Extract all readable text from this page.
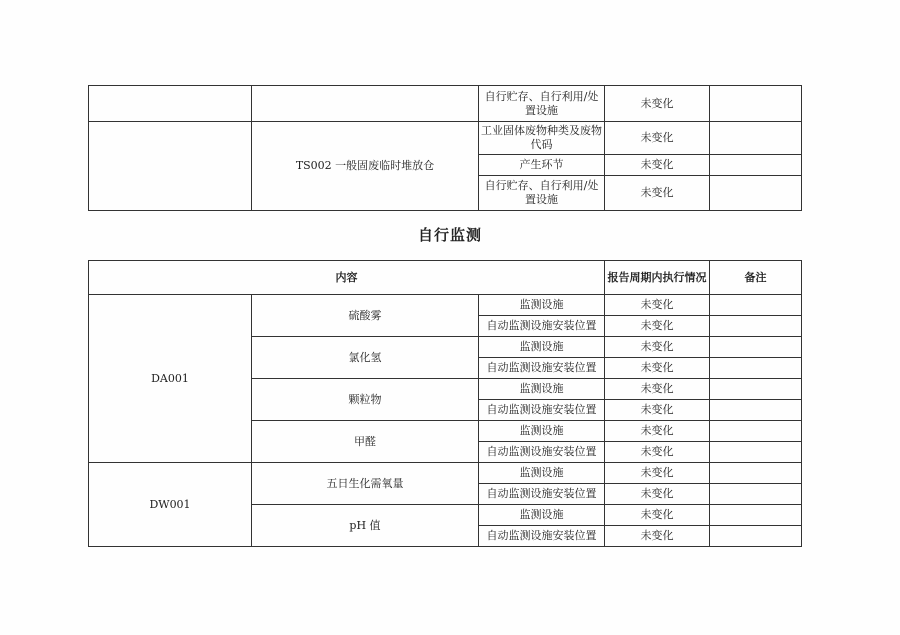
		自行贮存、自行利用/处置设施	未变化	
	TS002 一般固废临时堆放仓	工业固体废物种类及废物代码	未变化	
		产生环节	未变化	
		自行贮存、自行利用/处置设施	未变化	
自行监测
内容			报告周期内执行情况	备注
DA001	硫酸雾	监测设施	未变化	
		自动监测设施安装位置	未变化	
	氯化氢	监测设施	未变化	
		自动监测设施安装位置	未变化	
	颗粒物	监测设施	未变化	
		自动监测设施安装位置	未变化	
	甲醛	监测设施	未变化	
		自动监测设施安装位置	未变化	
DW001	五日生化需氧量	监测设施	未变化	
		自动监测设施安装位置	未变化	
	pH 值	监测设施	未变化	
		自动监测设施安装位置	未变化	
